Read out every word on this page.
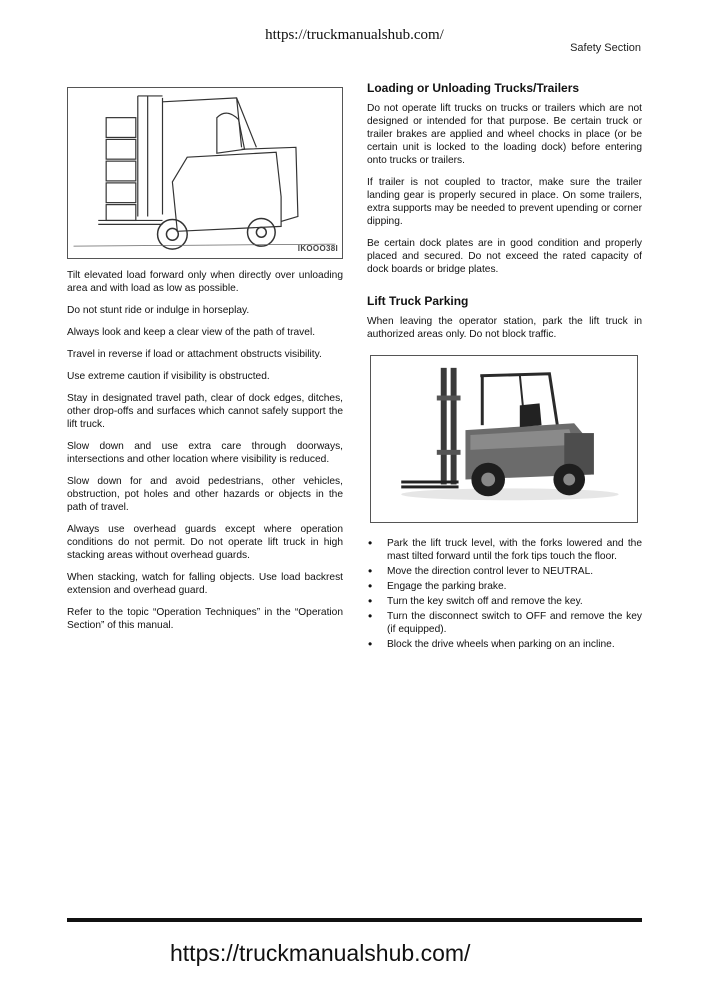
https://truckmanualshub.com/
Safety Section
IKOOO38I

Tilt elevated load forward only when directly over unloading area and with load as low as possible.

Do not stunt ride or indulge in horseplay.

Always look and keep a clear view of the path of travel.

Travel in reverse if load or attachment obstructs visibility.

Use extreme caution if visibility is obstructed.

Stay in designated travel path, clear of dock edges, ditches, other drop-offs and surfaces which cannot safely support the lift truck.

Slow down and use extra care through doorways, intersections and other location where visibility is reduced.

Slow down for and avoid pedestrians, other vehicles, obstruction, pot holes and other hazards or objects in the path of travel.

Always use overhead guards except where operation conditions do not permit. Do not operate lift truck in high stacking areas without overhead guards.

When stacking, watch for falling objects. Use load backrest extension and overhead guard.

Refer to the topic “Operation Techniques” in the “Operation Section” of this manual.

Loading or Unloading Trucks/Trailers

Do not operate lift trucks on trucks or trailers which are not designed or intended for that purpose. Be certain truck or trailer brakes are applied and wheel chocks in place (or be certain unit is locked to the loading dock) before entering onto trucks or trailers.

If trailer is not coupled to tractor, make sure the trailer landing gear is properly secured in place. On some trailers, extra supports may be needed to prevent upending or corner dipping.

Be certain dock plates are in good condition and properly placed and secured. Do not exceed the rated capacity of dock boards or bridge plates.

Lift Truck Parking

When leaving the operator station, park the lift truck in authorized areas only. Do not block traffic.

• Park the lift truck level, with the forks lowered and the mast tilted forward until the fork tips touch the floor.
• Move the direction control lever to NEUTRAL.
• Engage the parking brake.
• Turn the key switch off and remove the key.
• Turn the disconnect switch to OFF and remove the key (if equipped).
• Block the drive wheels when parking on an incline.
https://truckmanualshub.com/
